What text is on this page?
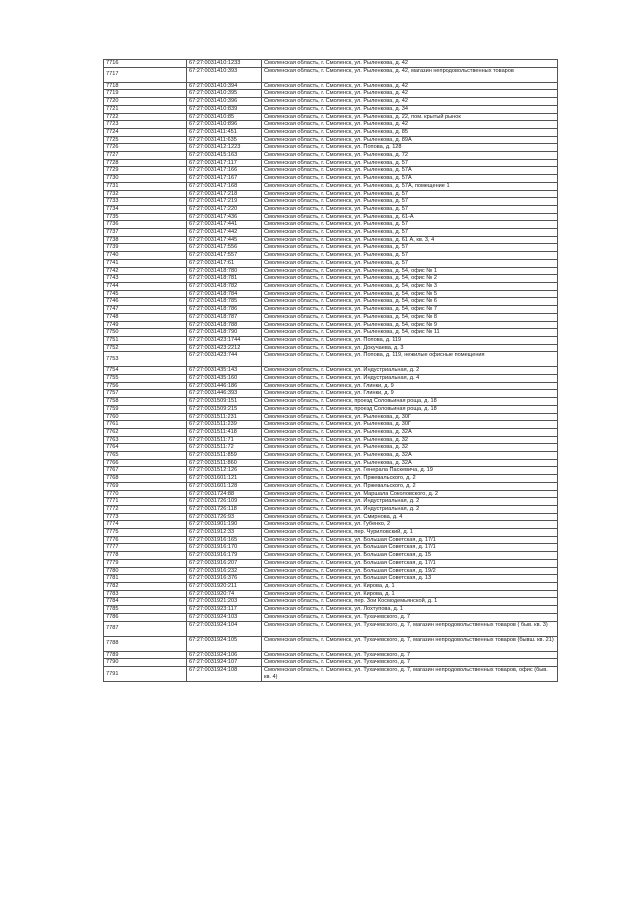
7716	67:27:0031410:1233	Смоленская область, г. Смоленск, ул. Рыленкова, д. 42
7717	67:27:0031410:393	Смоленская область, г. Смоленск, ул. Рыленкова, д. 42, магазин непродовольственных товаров
7718	67:27:0031410:394	Смоленская область, г. Смоленск, ул. Рыленкова, д. 42
7719	67:27:0031410:395	Смоленская область, г. Смоленск, ул. Рыленкова, д. 42
7720	67:27:0031410:396	Смоленская область, г. Смоленск, ул. Рыленкова, д. 42
7721	67:27:0031410:839	Смоленская область, г. Смоленск, ул. Рыленкова, д. 34
7722	67:27:0031410:85	Смоленская область, г. Смоленск, ул. Рыленкова, д. 22, пом. крытый рынок
7723	67:27:0031410:896	Смоленская область, г. Смоленск, ул. Рыленкова, д. 42
7724	67:27:0031411:451	Смоленская область, г. Смоленск, ул. Рыленкова, д. 85
7725	67:27:0031411:635	Смоленская область, г. Смоленск, ул. Рыленкова, д. 89А
7726	67:27:0031412:1223	Смоленская область, г. Смоленск, ул. Попова, д. 128
7727	67:27:0031415:163	Смоленская область, г. Смоленск, ул. Рыленкова, д. 72
7728	67:27:0031417:117	Смоленская область, г. Смоленск, ул. Рыленкова, д. 57
7729	67:27:0031417:166	Смоленская область, г. Смоленск, ул. Рыленкова, д. 57А
7730	67:27:0031417:167	Смоленская область, г. Смоленск, ул. Рыленкова, д. 57А
7731	67:27:0031417:168	Смоленская область, г. Смоленск, ул. Рыленкова, д. 57А, помещение 1
7732	67:27:0031417:218	Смоленская область, г. Смоленск, ул. Рыленкова, д. 57
7733	67:27:0031417:219	Смоленская область, г. Смоленск, ул. Рыленкова, д. 57
7734	67:27:0031417:220	Смоленская область, г. Смоленск, ул. Рыленкова, д. 57
7735	67:27:0031417:436	Смоленская область, г. Смоленск, ул. Рыленкова, д. 61-А
7736	67:27:0031417:441	Смоленская область, г. Смоленск, ул. Рыленкова, д. 57
7737	67:27:0031417:442	Смоленская область, г. Смоленск, ул. Рыленкова, д. 57
7738	67:27:0031417:445	Смоленская область, г. Смоленск, ул. Рыленкова, д. 61 А, кв. 3, 4
7739	67:27:0031417:556	Смоленская область, г. Смоленск, ул. Рыленкова, д. 57
7740	67:27:0031417:557	Смоленская область, г. Смоленск, ул. Рыленкова, д. 57
7741	67:27:0031417:61	Смоленская область, г. Смоленск, ул. Рыленкова, д. 57
7742	67:27:0031418:780	Смоленская область, г. Смоленск, ул. Рыленкова, д. 54, офис № 1
7743	67:27:0031418:781	Смоленская область, г. Смоленск, ул. Рыленкова, д. 54, офис № 2
7744	67:27:0031418:782	Смоленская область, г. Смоленск, ул. Рыленкова, д. 54, офис № 3
7745	67:27:0031418:784	Смоленская область, г. Смоленск, ул. Рыленкова, д. 54, офис № 5
7746	67:27:0031418:785	Смоленская область, г. Смоленск, ул. Рыленкова, д. 54, офис № 6
7747	67:27:0031418:786	Смоленская область, г. Смоленск, ул. Рыленкова, д. 54, офис № 7
7748	67:27:0031418:787	Смоленская область, г. Смоленск, ул. Рыленкова, д. 54, офис № 8
7749	67:27:0031418:788	Смоленская область, г. Смоленск, ул. Рыленкова, д. 54, офис № 9
7750	67:27:0031418:790	Смоленская область, г. Смоленск, ул. Рыленкова, д. 54, офис № 11
7751	67:27:0031423:1744	Смоленская область, г. Смоленск, ул. Попова, д. 119
7752	67:27:0031423:2212	Смоленская область, г. Смоленск, ул. Докучаева, д. 3
7753	67:27:0031423:744	Смоленская область, г. Смоленск, ул. Попова, д. 119, нежилые офисные помещения
7754	67:27:0031435:143	Смоленская область, г. Смоленск, ул. Индустриальная, д. 2
7755	67:27:0031435:160	Смоленская область, г. Смоленск, ул. Индустриальная, д. 4
7756	67:27:0031446:186	Смоленская область, г. Смоленск, ул. Глинки, д. 9
7757	67:27:0031446:393	Смоленская область, г. Смоленск, ул. Глинки, д. 9
7758	67:27:0031509:151	Смоленская область, г. Смоленск, проезд Соловьиная роща, д. 18
7759	67:27:0031509:215	Смоленская область, г. Смоленск, проезд Соловьиная роща, д. 18
7760	67:27:0031511:231	Смоленская область, г. Смоленск, ул. Рыленкова, д. 30Г
7761	67:27:0031511:239	Смоленская область, г. Смоленск, ул. Рыленкова, д. 30Г
7762	67:27:0031511:418	Смоленская область, г. Смоленск, ул. Рыленкова, д. 32А
7763	67:27:0031511:71	Смоленская область, г. Смоленск, ул. Рыленкова, д. 32
7764	67:27:0031511:72	Смоленская область, г. Смоленск, ул. Рыленкова, д. 32
7765	67:27:0031511:859	Смоленская область, г. Смоленск, ул. Рыленкова, д. 32А
7766	67:27:0031511:860	Смоленская область, г. Смоленск, ул. Рыленкова, д. 32А
7767	67:27:0031512:126	Смоленская область, г. Смоленск, ул. Генерала Паскевича, д. 19
7768	67:27:0031601:121	Смоленская область, г. Смоленск, ул. Пржевальского, д. 2
7769	67:27:0031601:128	Смоленская область, г. Смоленск, ул. Пржевальского, д. 2
7770	67:27:0031724:88	Смоленская область, г. Смоленск, ул. Маршала Соколовского, д. 2
7771	67:27:0031726:109	Смоленская область, г. Смоленск, ул. Индустриальная, д. 2
7772	67:27:0031726:118	Смоленская область, г. Смоленск, ул. Индустриальная, д. 2
7773	67:27:0031726:93	Смоленская область, г. Смоленск, ул. Смирнова, д. 4
7774	67:27:0031901:190	Смоленская область, г. Смоленск, ул. Губенко, 2
7775	67:27:0031912:33	Смоленская область, г. Смоленск, пер. Чуриловский, д. 1
7776	67:27:0031916:165	Смоленская область, г. Смоленск, ул. Большая Советская, д. 17/1
7777	67:27:0031916:170	Смоленская область, г. Смоленск, ул. Большая Советская, д. 17/1
7778	67:27:0031916:179	Смоленская область, г. Смоленск, ул. Большая Советская, д. 15
7779	67:27:0031916:207	Смоленская область, г. Смоленск, ул. Большая Советская, д. 17/1
7780	67:27:0031916:232	Смоленская область, г. Смоленск, ул. Большая Советская, д. 19/2
7781	67:27:0031916:376	Смоленская область, г. Смоленск, ул. Большая Советская, д. 13
7782	67:27:0031920:211	Смоленская область, г. Смоленск, ул. Кирова, д. 1
7783	67:27:0031920:74	Смоленская область, г. Смоленск, ул. Кирова, д. 1
7784	67:27:0031921:203	Смоленская область, г. Смоленск, пер. Зои Космодемьянской, д. 1
7785	67:27:0031923:117	Смоленская область, г. Смоленск, ул. Лохтупова, д. 1
7786	67:27:0031924:103	Смоленская область, г. Смоленск, ул. Тухачевского, д. 7
7787	67:27:0031924:104	Смоленская область, г. Смоленск, ул. Тухачевского, д. 7, магазин непродовольственных товаров ( быв. кв. 3)
7788	67:27:0031924:105	Смоленская область, г. Смоленск, ул. Тухачевского, д. 7, магазин непродовольственных товаров (бывш. кв. 21)
7789	67:27:0031924:106	Смоленская область, г. Смоленск, ул. Тухачевского, д. 7
7790	67:27:0031924:107	Смоленская область, г. Смоленск, ул. Тухачевского, д. 7
7791	67:27:0031924:108	Смоленская область, г. Смоленск, ул. Тухачевского, д. 7, магазин непродовольственных товаров, офис (быв. кв. 4)
